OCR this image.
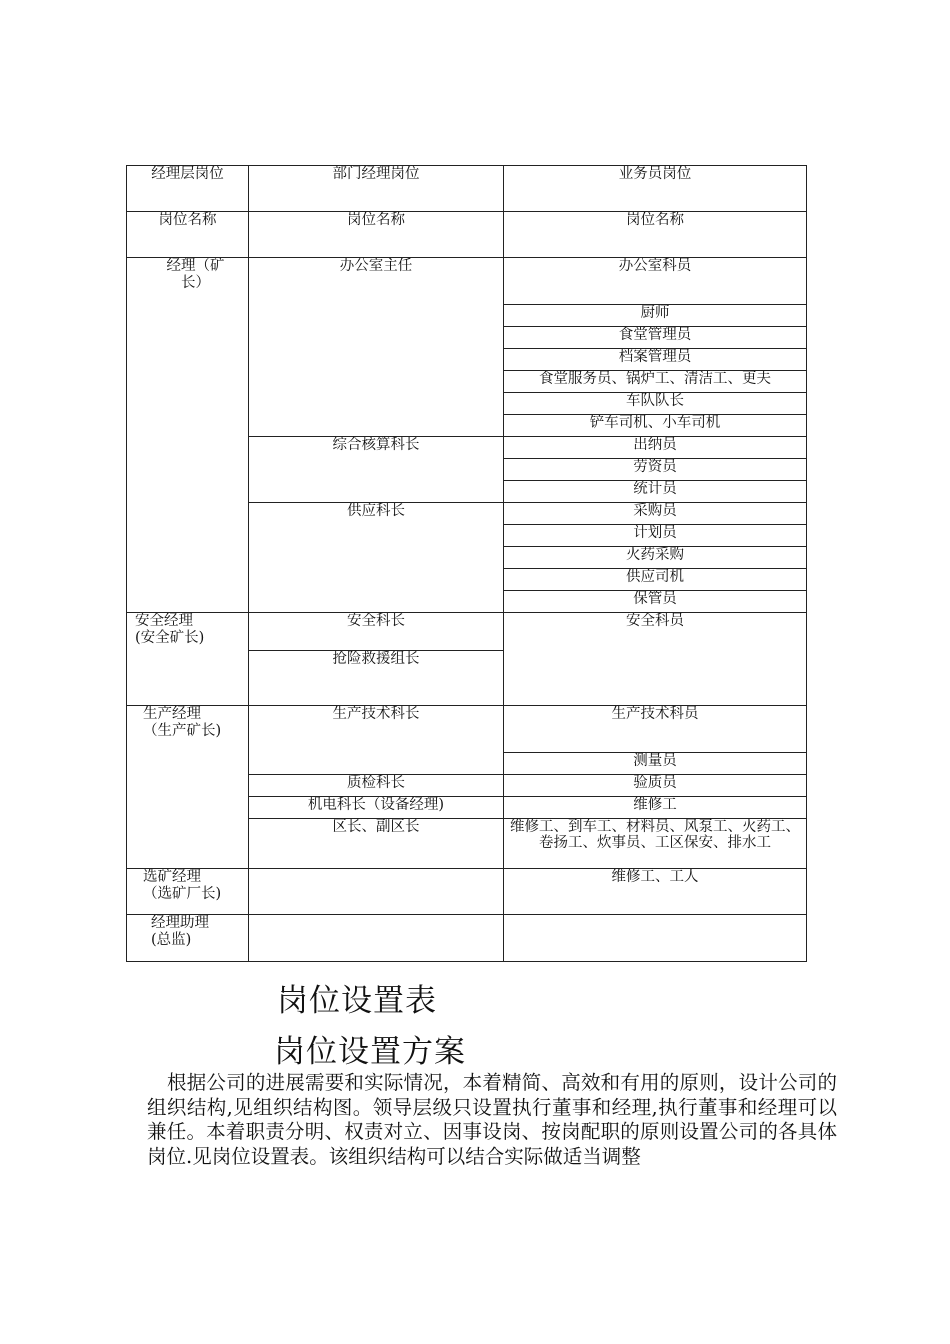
经理层岗位	部门经理岗位	业务员岗位
岗位名称	岗位名称	岗位名称
经理（矿
长）	办公室主任	办公室科员
		厨师
		食堂管理员
		档案管理员
		食堂服务员、锅炉工、清洁工、更夫
		车队队长
		铲车司机、小车司机
	综合核算科长	出纳员
		劳资员
		统计员
	供应科长	采购员
		计划员
		火药采购
		供应司机
		保管员
安全经理
(安全矿长)	安全科长	安全科员
	抢险救援组长	
生产经理
（生产矿长)	生产技术科长	生产技术科员
		测量员
	质检科长	验质员
	机电科长（设备经理)	维修工
	区长、副区长	维修工、到车工、材料员、风泵工、火药工、卷扬工、炊事员、工区保安、排水工
选矿经理
（选矿厂长)		维修工、工人
经理助理
(总监)		
岗位设置表
岗位设置方案
根据公司的进展需要和实际情况，本着精简、高效和有用的原则，设计公司的组织结构,见组织结构图。领导层级只设置执行董事和经理,执行董事和经理可以兼任。本着职责分明、权责对立、因事设岗、按岗配职的原则设置公司的各具体岗位.见岗位设置表。该组织结构可以结合实际做适当调整
